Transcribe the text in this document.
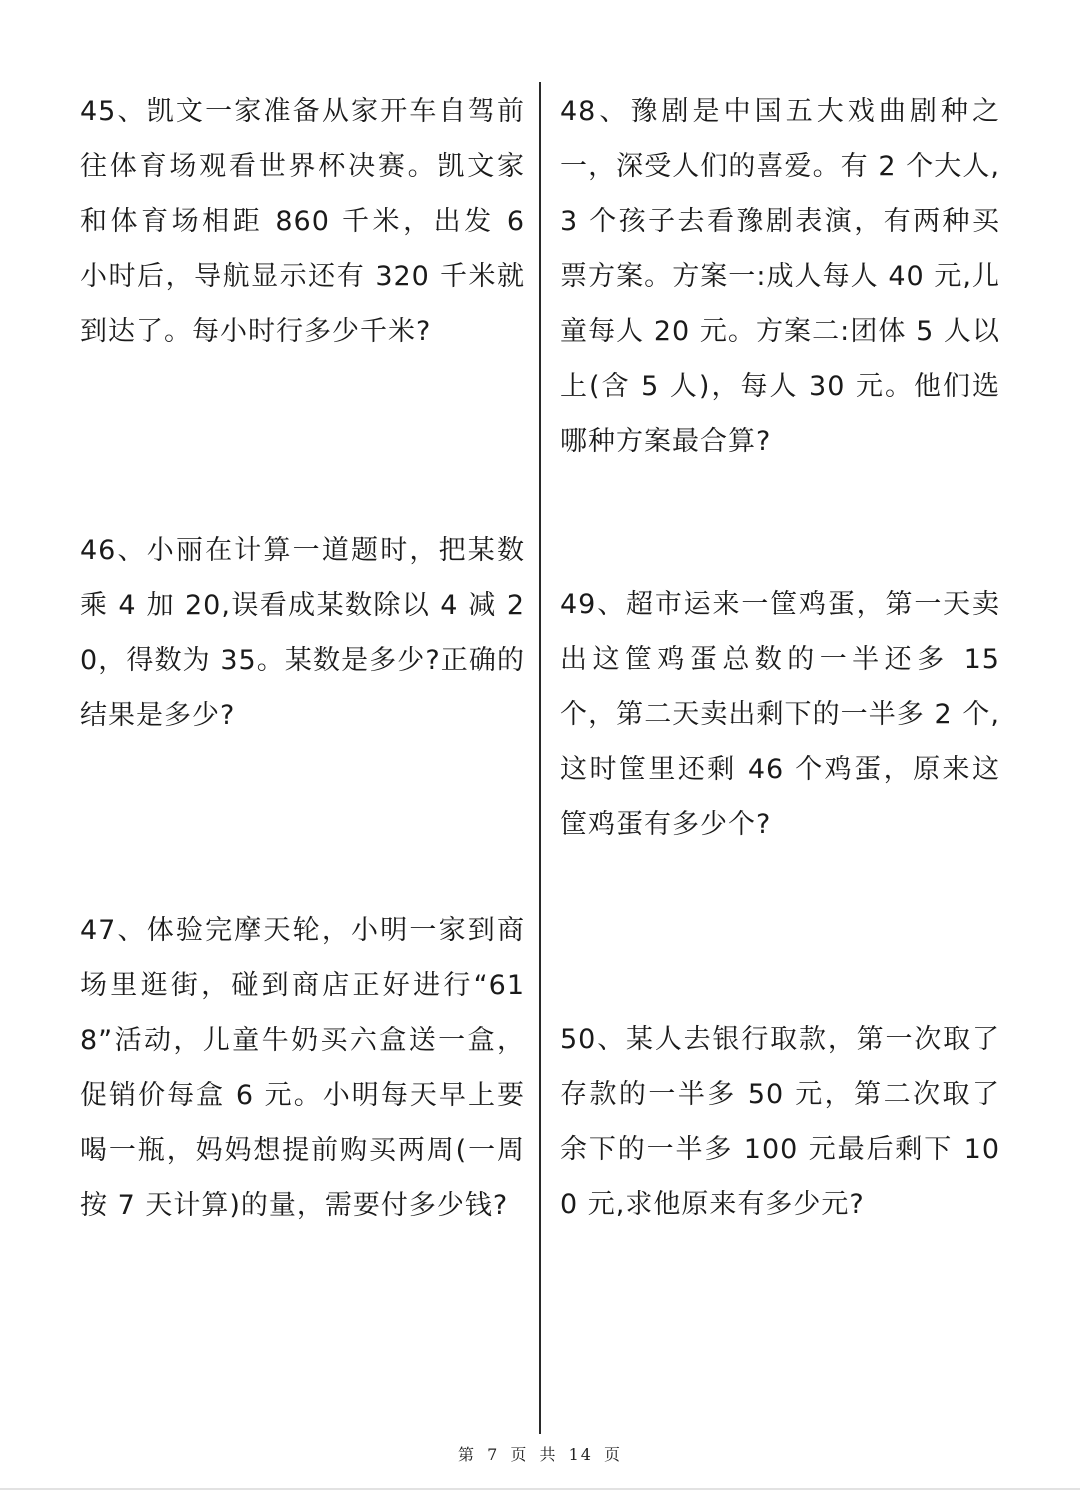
45、凯文一家准备从家开车自驾前往体育场观看世界杯决赛。凯文家和体育场相距 860 千米，出发 6 小时后，导航显示还有 320 千米就到达了。每小时行多少千米?
46、小丽在计算一道题时，把某数乘 4 加 20,误看成某数除以 4 减 20，得数为 35。某数是多少?正确的结果是多少?
47、体验完摩天轮，小明一家到商场里逛街，碰到商店正好进行“618”活动，儿童牛奶买六盒送一盒，促销价每盒 6 元。小明每天早上要喝一瓶，妈妈想提前购买两周(一周按 7 天计算)的量，需要付多少钱?
48、豫剧是中国五大戏曲剧种之一，深受人们的喜爱。有 2 个大人,3 个孩子去看豫剧表演，有两种买票方案。方案一:成人每人 40 元,儿童每人 20 元。方案二:团体 5 人以上(含 5 人)，每人 30 元。他们选哪种方案最合算?
49、超市运来一筐鸡蛋，第一天卖出这筐鸡蛋总数的一半还多 15 个，第二天卖出剩下的一半多 2 个,这时筐里还剩 46 个鸡蛋，原来这筐鸡蛋有多少个?
50、某人去银行取款，第一次取了存款的一半多 50 元，第二次取了余下的一半多 100 元最后剩下 100 元,求他原来有多少元?
第 7 页 共 14 页
